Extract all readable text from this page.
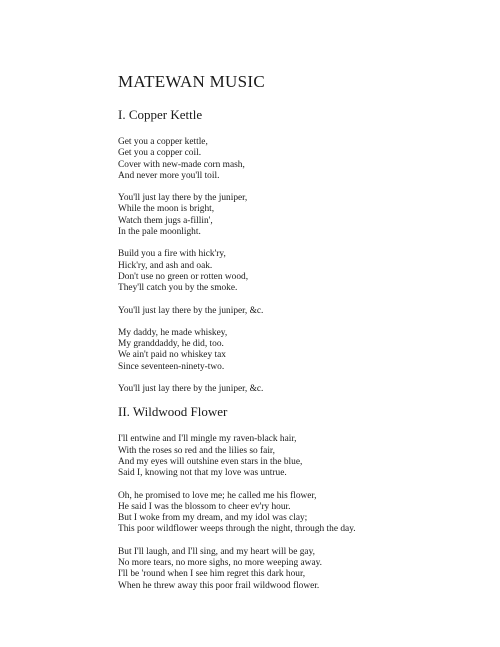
MATEWAN MUSIC
I. Copper Kettle

Get you a copper kettle,
Get you a copper coil.
Cover with new-made corn mash,
And never more you'll toil.

You'll just lay there by the juniper,
While the moon is bright,
Watch them jugs a-fillin',
In the pale moonlight.

Build you a fire with hick'ry,
Hick'ry, and ash and oak.
Don't use no green or rotten wood,
They'll catch you by the smoke.

You'll just lay there by the juniper, &c.

My daddy, he made whiskey,
My granddaddy, he did, too.
We ain't paid no whiskey tax
Since seventeen-ninety-two.

You'll just lay there by the juniper, &c.

II. Wildwood Flower

I'll entwine and I'll mingle my raven-black hair,
With the roses so red and the lilies so fair,
And my eyes will outshine even stars in the blue,
Said I, knowing not that my love was untrue.

Oh, he promised to love me; he called me his flower,
He said I was the blossom to cheer ev'ry hour.
But I woke from my dream, and my idol was clay;
This poor wildflower weeps through the night, through the day.

But I'll laugh, and I'll sing, and my heart will be gay,
No more tears, no more sighs, no more weeping away.
I'll be 'round when I see him regret this dark hour,
When he threw away this poor frail wildwood flower.
